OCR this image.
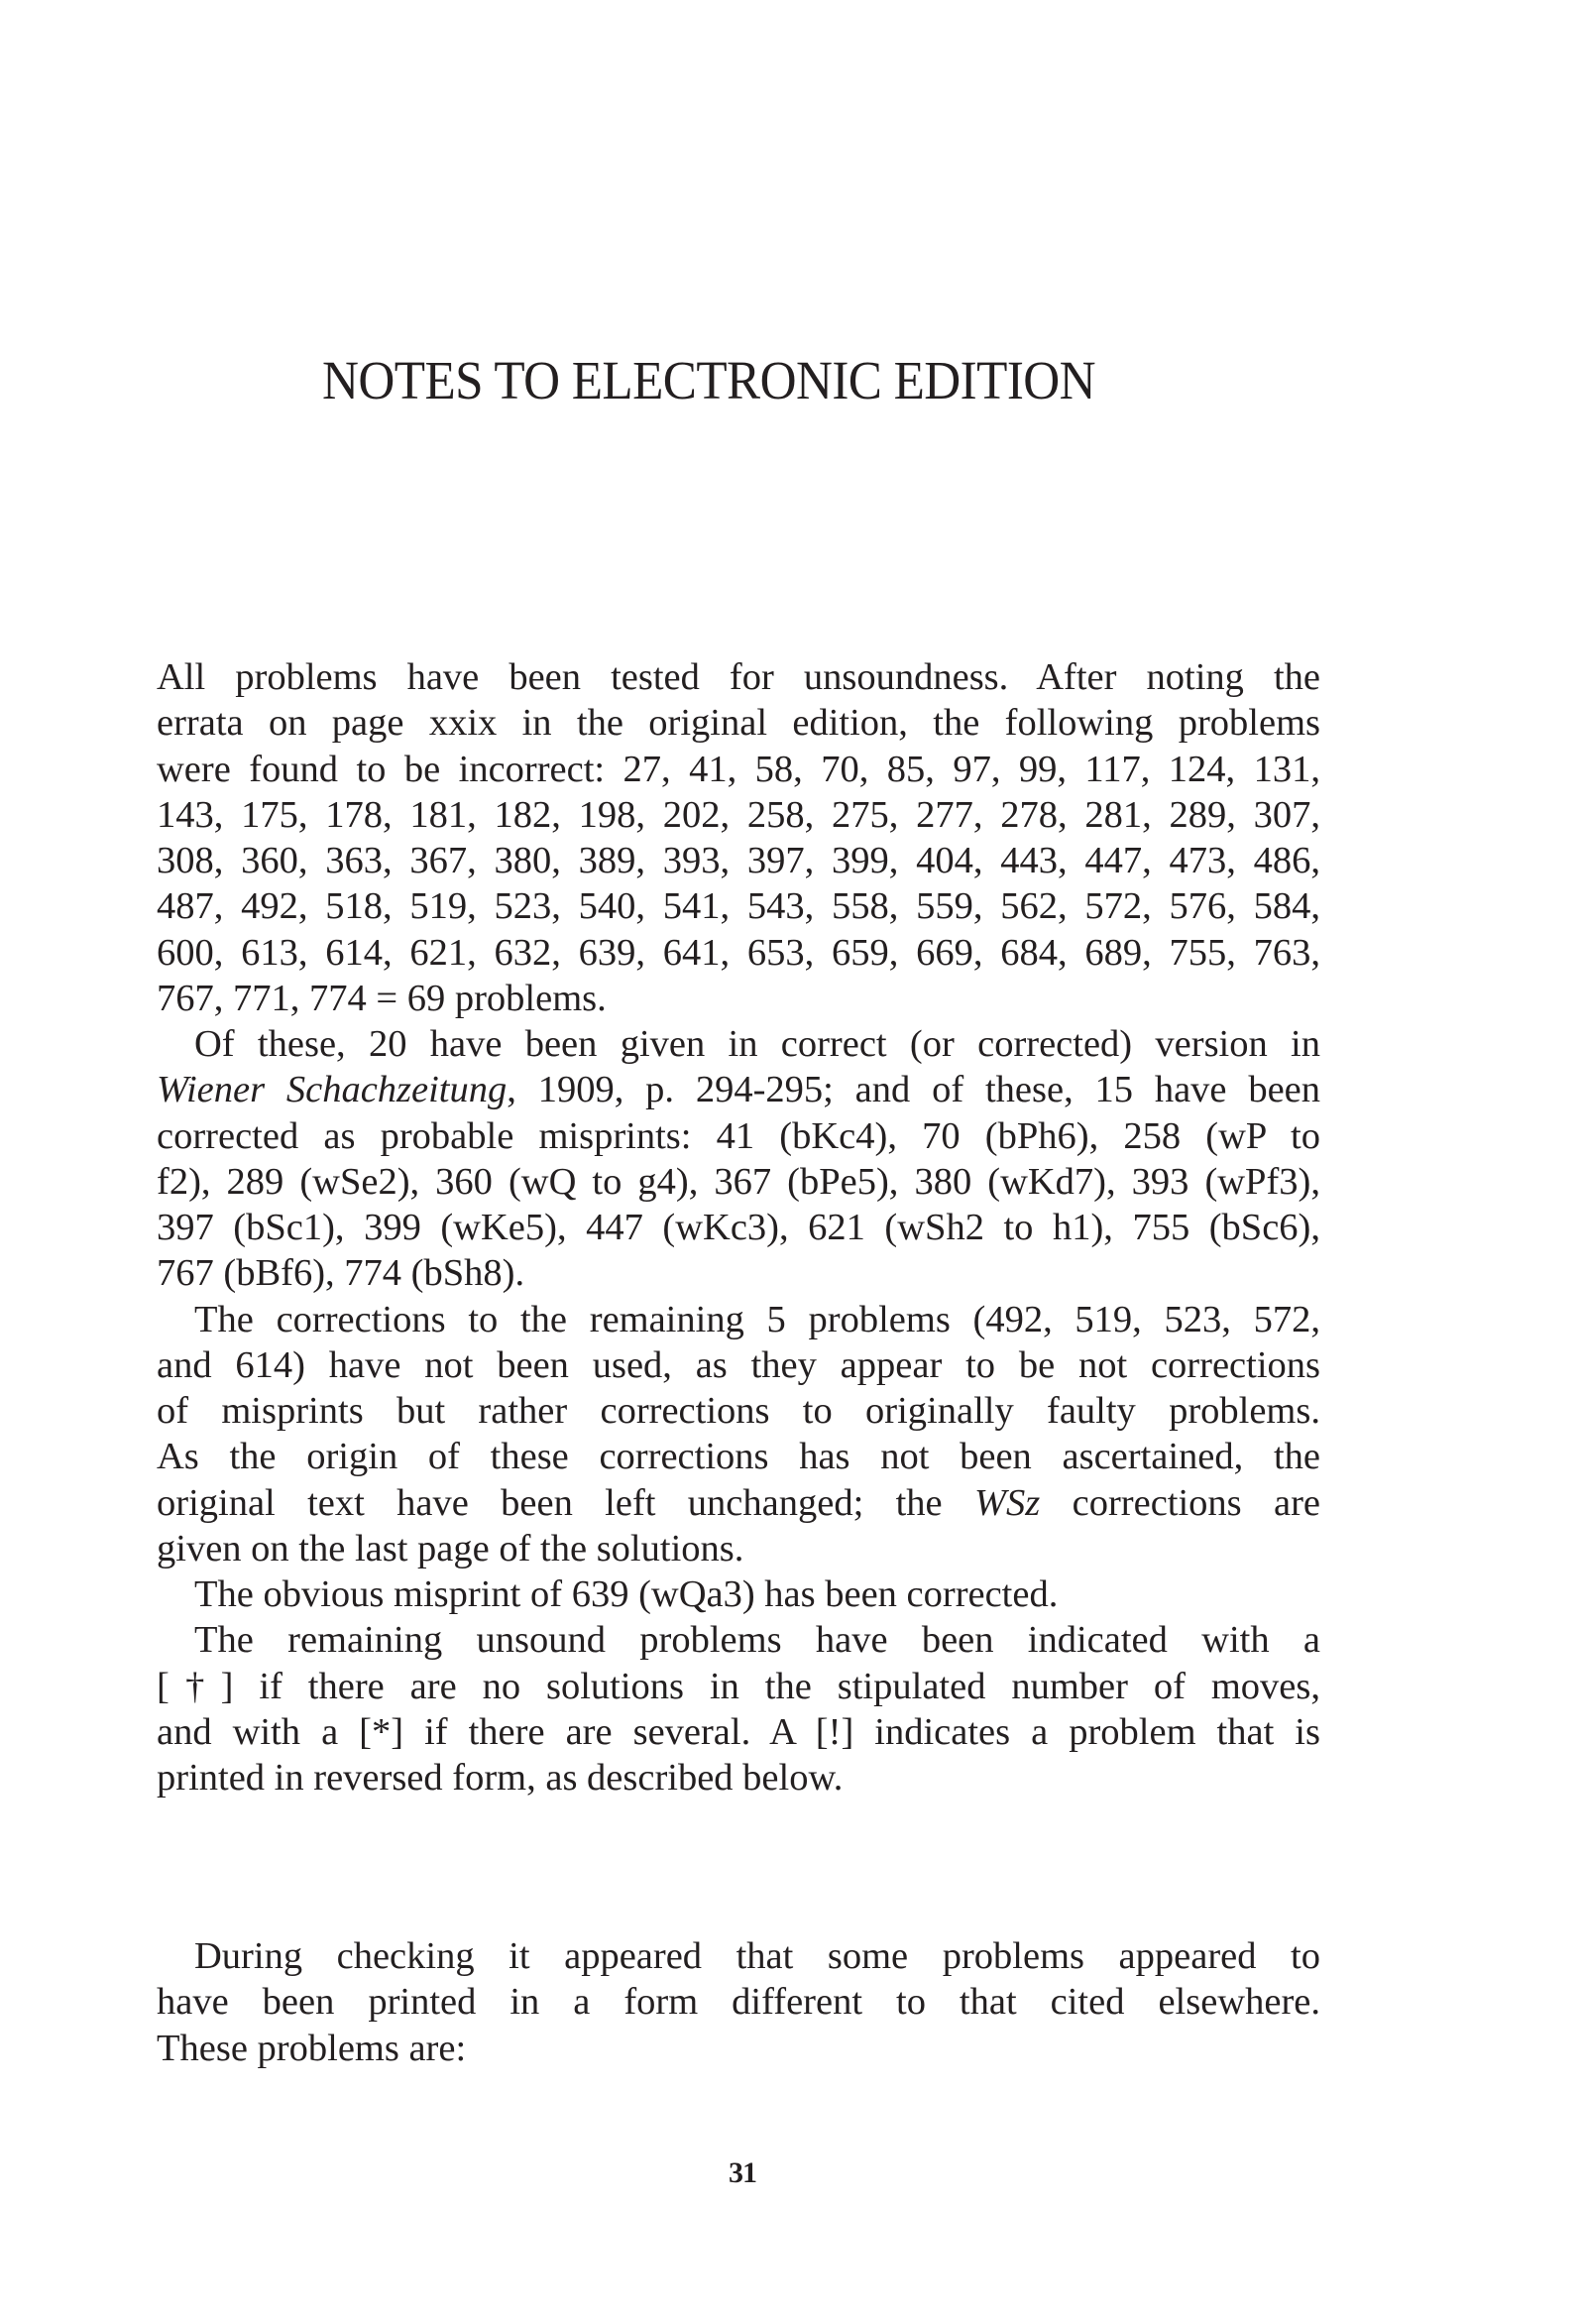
NOTES TO ELECTRONIC EDITION
All problems have been tested for unsoundness. After noting the
errata on page xxix in the original edition, the following problems
were found to be incorrect: 27, 41, 58, 70, 85, 97, 99, 117, 124, 131,
143, 175, 178, 181, 182, 198, 202, 258, 275, 277, 278, 281, 289, 307,
308, 360, 363, 367, 380, 389, 393, 397, 399, 404, 443, 447, 473, 486,
487, 492, 518, 519, 523, 540, 541, 543, 558, 559, 562, 572, 576, 584,
600, 613, 614, 621, 632, 639, 641, 653, 659, 669, 684, 689, 755, 763,
767, 771, 774 = 69 problems.
Of these, 20 have been given in correct (or corrected) version in
Wiener Schachzeitung, 1909, p. 294-295; and of these, 15 have been
corrected as probable misprints: 41 (bKc4), 70 (bPh6), 258 (wP to
f2), 289 (wSe2), 360 (wQ to g4), 367 (bPe5), 380 (wKd7), 393 (wPf3),
397 (bSc1), 399 (wKe5), 447 (wKc3), 621 (wSh2 to h1), 755 (bSc6),
767 (bBf6), 774 (bSh8).
The corrections to the remaining 5 problems (492, 519, 523, 572,
and 614) have not been used, as they appear to be not corrections
of misprints but rather corrections to originally faulty problems.
As the origin of these corrections has not been ascertained, the
original text have been left unchanged; the WSz corrections are
given on the last page of the solutions.
The obvious misprint of 639 (wQa3) has been corrected.
The remaining unsound problems have been indicated with a
[†] if there are no solutions in the stipulated number of moves,
and with a [*] if there are several. A [!] indicates a problem that is
printed in reversed form, as described below.
During checking it appeared that some problems appeared to
have been printed in a form different to that cited elsewhere.
These problems are:
31
